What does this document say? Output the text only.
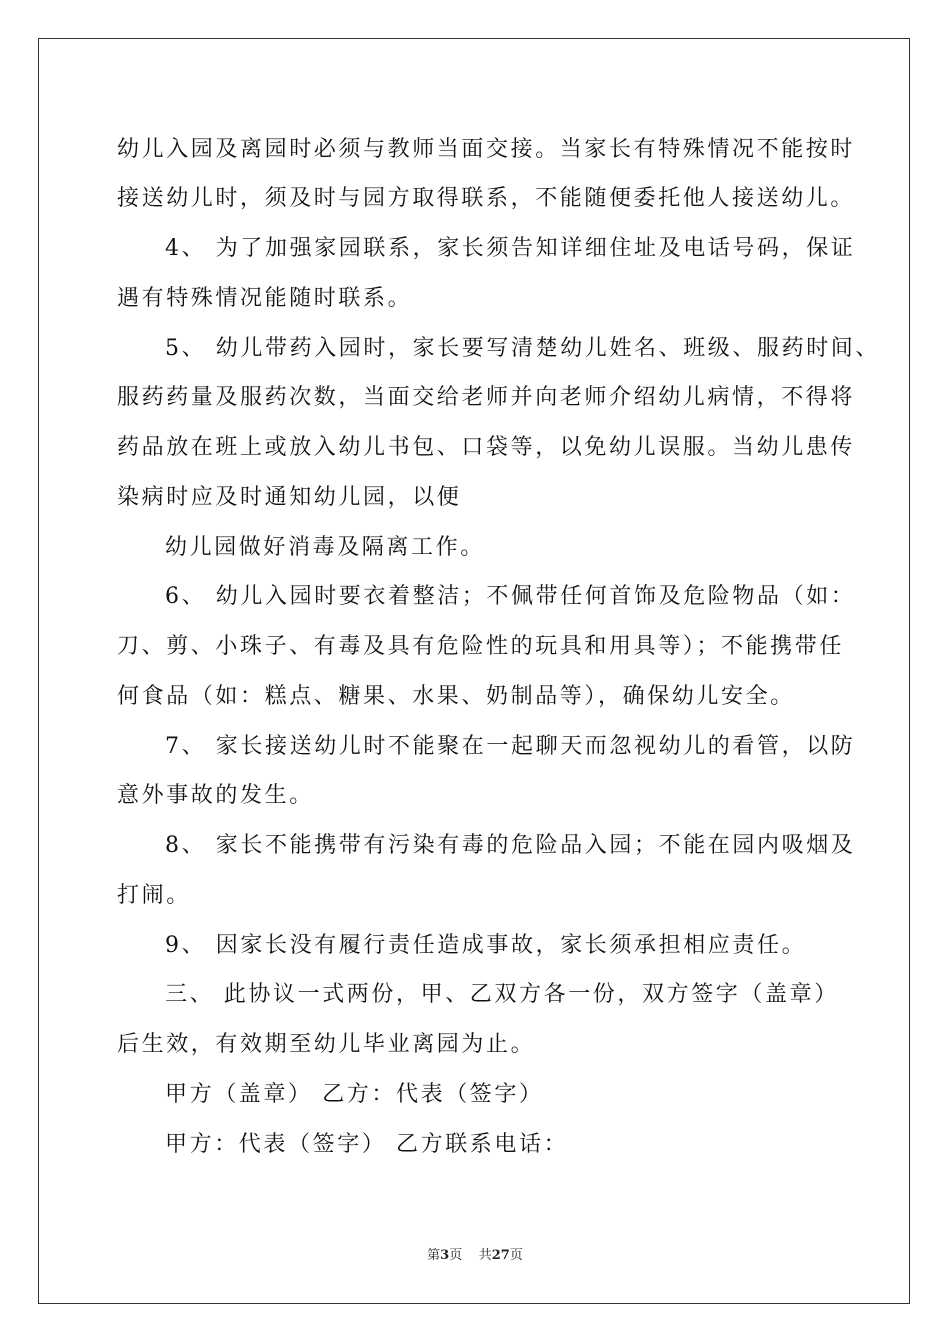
幼儿入园及离园时必须与教师当面交接。当家长有特殊情况不能按时
接送幼儿时，须及时与园方取得联系，不能随便委托他人接送幼儿。
4、 为了加强家园联系，家长须告知详细住址及电话号码，保证
遇有特殊情况能随时联系。
5、 幼儿带药入园时，家长要写清楚幼儿姓名、班级、服药时间、
服药药量及服药次数，当面交给老师并向老师介绍幼儿病情，不得将
药品放在班上或放入幼儿书包、口袋等，以免幼儿误服。当幼儿患传
染病时应及时通知幼儿园，以便
幼儿园做好消毒及隔离工作。
6、 幼儿入园时要衣着整洁；不佩带任何首饰及危险物品（如：
刀、剪、小珠子、有毒及具有危险性的玩具和用具等）；不能携带任
何食品（如：糕点、糖果、水果、奶制品等），确保幼儿安全。
7、 家长接送幼儿时不能聚在一起聊天而忽视幼儿的看管，以防
意外事故的发生。
8、 家长不能携带有污染有毒的危险品入园；不能在园内吸烟及
打闹。
9、 因家长没有履行责任造成事故，家长须承担相应责任。
三、 此协议一式两份，甲、乙双方各一份，双方签字（盖章）
后生效，有效期至幼儿毕业离园为止。
甲方（盖章） 乙方：代表（签字）
甲方：代表（签字） 乙方联系电话：
第3页 共27页
